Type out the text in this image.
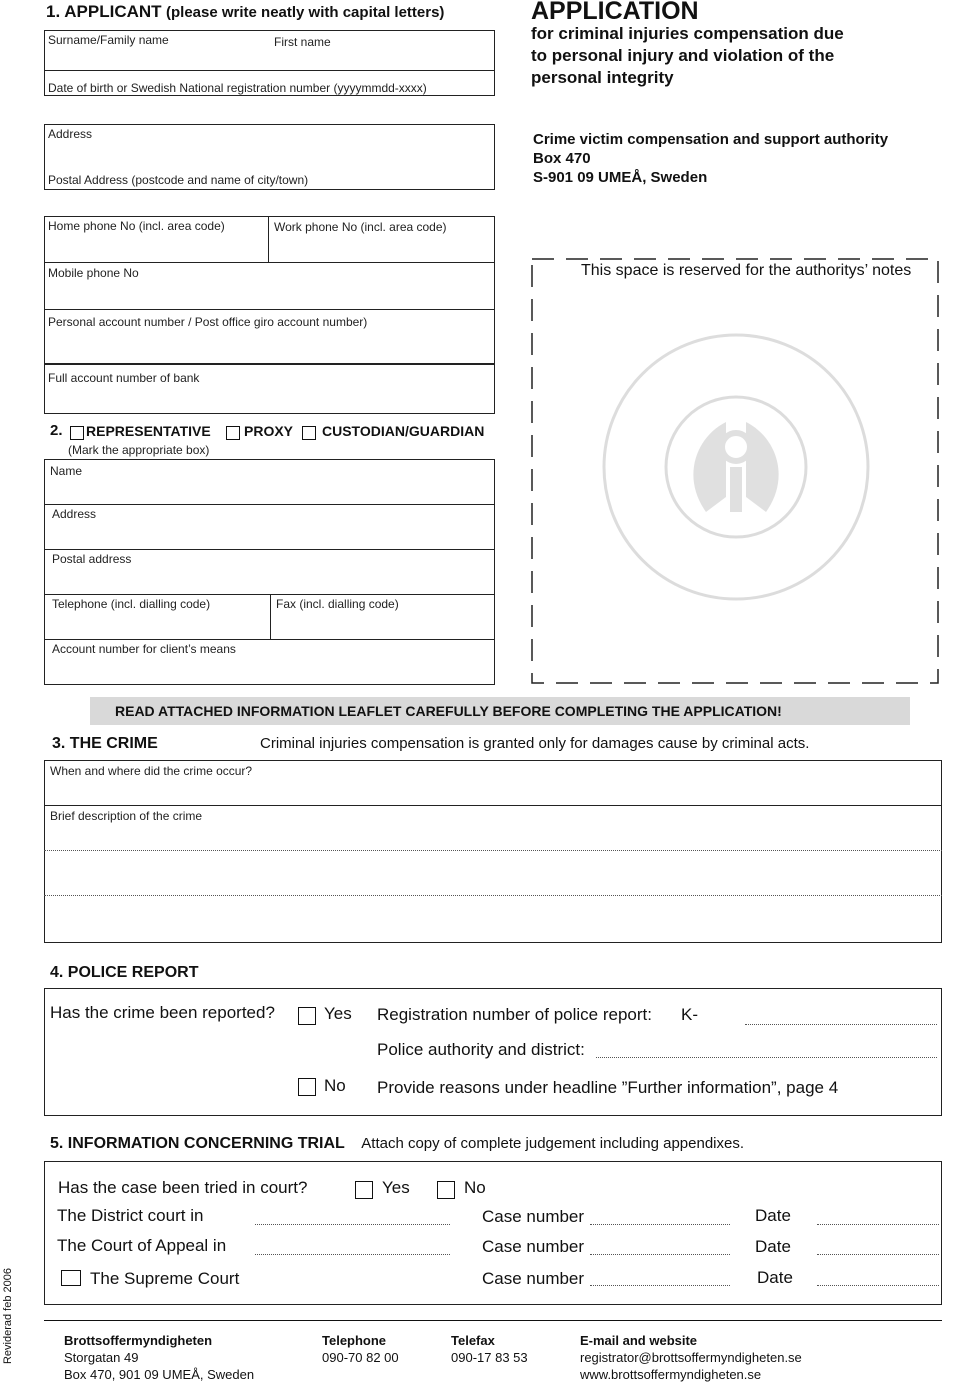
1. APPLICANT (please write neatly with capital letters)
Surname/Family name	First name
Date of birth or Swedish National registration number (yyyymmdd-xxxx)
Address
Postal Address (postcode and name of city/town)
Home phone No (incl. area code)	Work phone No (incl. area code)
Mobile phone No
Personal account number / Post office giro account number)
Full account number of bank
APPLICATION
for criminal injuries compensation due
to personal injury and violation of the
personal integrity
Crime victim compensation and support authority
Box 470
S-901 09 UMEÅ, Sweden
This space is reserved for the authoritys’ notes
2. REPRESENTATIVE PROXY CUSTODIAN/GUARDIAN
(Mark the appropriate box)
Name
Address
Postal address
Telephone (incl. dialling code)	Fax (incl. dialling code)
Account number for client’s means
READ ATTACHED INFORMATION LEAFLET CAREFULLY BEFORE COMPLETING THE APPLICATION!
3. THE CRIME	Criminal injuries compensation is granted only for damages cause by criminal acts.
When and where did the crime occur?
Brief description of the crime
4. POLICE REPORT
Has the crime been reported?	Yes Registration number of police report: K-
Police authority and district:
No Provide reasons under headline ”Further information”, page 4
5. INFORMATION CONCERNING TRIAL Attach copy of complete judgement including appendixes.
Has the case been tried in court?	Yes	No
The District court in	Case number	Date
The Court of Appeal in	Case number	Date
The Supreme Court	Case number	Date
Brottsoffermyndigheten
Storgatan 49
Box 470, 901 09 UMEÅ, Sweden
Telephone
090-70 82 00
Telefax
090-17 83 53
E-mail and website
registrator@brottsoffermyndigheten.se
www.brottsoffermyndigheten.se
Reviderad feb 2006
